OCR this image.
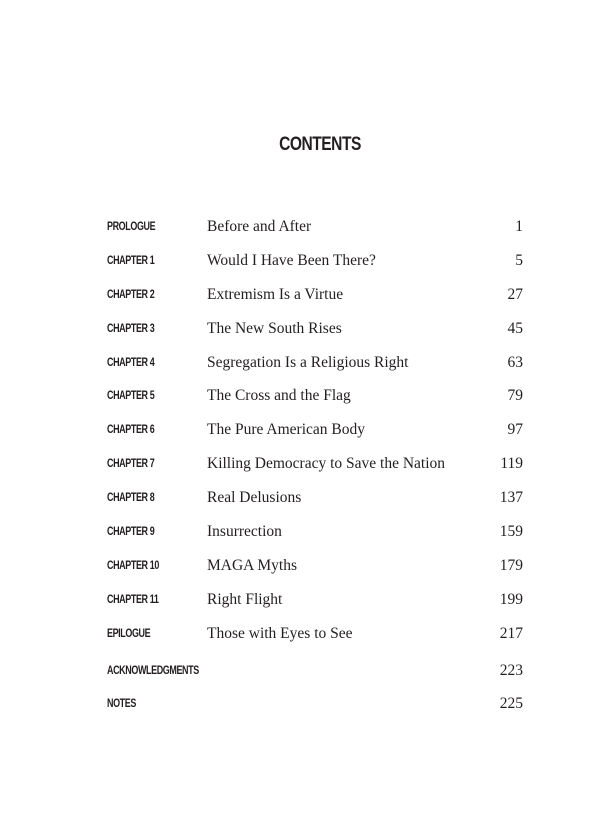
CONTENTS
PROLOGUE	Before and After	1
CHAPTER 1	Would I Have Been There?	5
CHAPTER 2	Extremism Is a Virtue	27
CHAPTER 3	The New South Rises	45
CHAPTER 4	Segregation Is a Religious Right	63
CHAPTER 5	The Cross and the Flag	79
CHAPTER 6	The Pure American Body	97
CHAPTER 7	Killing Democracy to Save the Nation	119
CHAPTER 8	Real Delusions	137
CHAPTER 9	Insurrection	159
CHAPTER 10	MAGA Myths	179
CHAPTER 11	Right Flight	199
EPILOGUE	Those with Eyes to See	217
ACKNOWLEDGMENTS	223
NOTES	225
